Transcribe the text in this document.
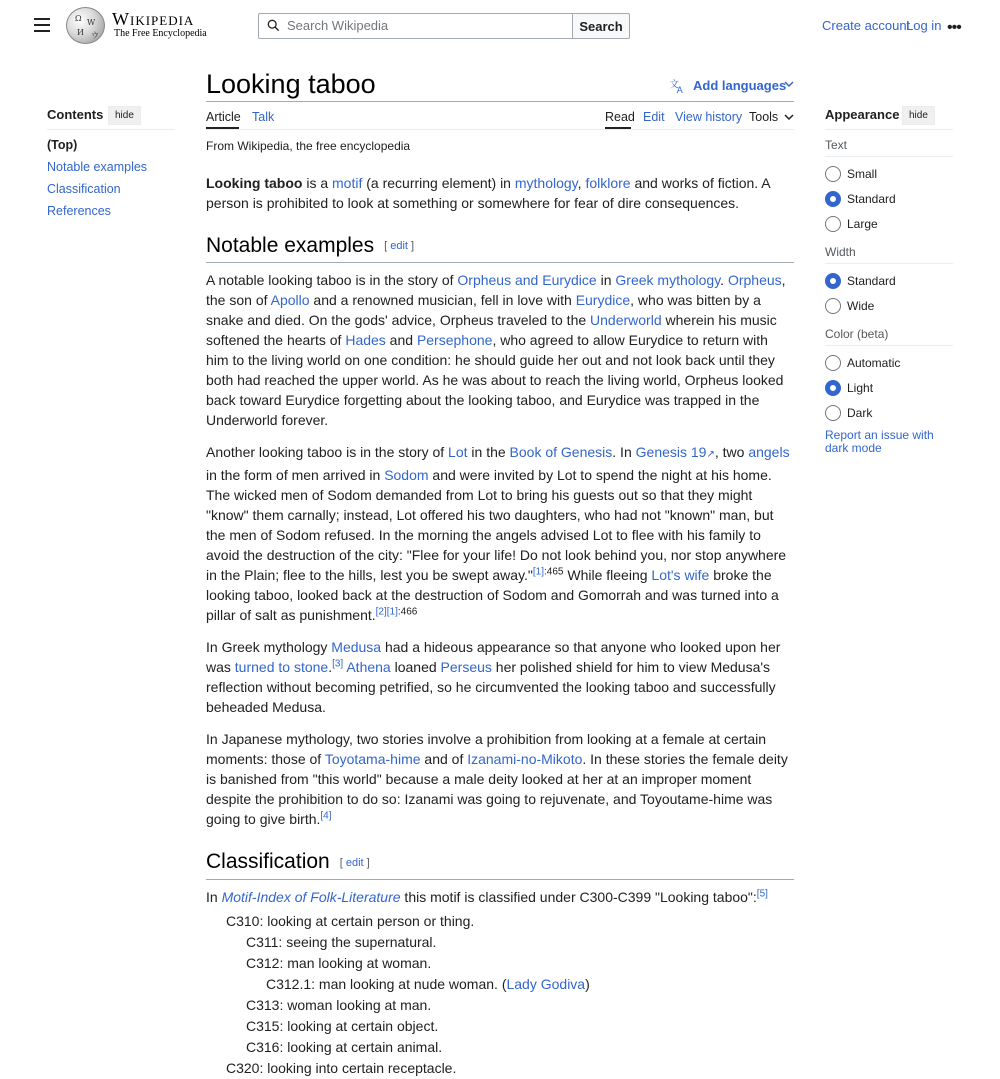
Ω W
И ウ
Wikipedia
The Free Encyclopedia
Search Wikipedia	Search	Create account
Log in •••
Contents	hide
(Top)
Notable examples
Classification
References
Looking taboo	文
A Add languages
Article Talk	Read Edit View history Tools	Appearance hide
Text
Small
Standard
Large
Width
Standard
Wide
Color (beta)
Automatic
Light
Dark
Report an issue with dark mode
From Wikipedia, the free encyclopedia

Looking taboo is a motif (a recurring element) in mythology, folklore and works of fiction. A person is prohibited to look at something or somewhere for fear of dire consequences.

Notable examples [ edit ]

A notable looking taboo is in the story of Orpheus and Eurydice in Greek mythology. Orpheus, the son of Apollo and a renowned musician, fell in love with Eurydice, who was bitten by a snake and died. On the gods' advice, Orpheus traveled to the Underworld wherein his music softened the hearts of Hades and Persephone, who agreed to allow Eurydice to return with him to the living world on one condition: he should guide her out and not look back until they both had reached the upper world. As he was about to reach the living world, Orpheus looked back toward Eurydice forgetting about the looking taboo, and Eurydice was trapped in the Underworld forever.

Another looking taboo is in the story of Lot in the Book of Genesis. In Genesis 19↗, two angels in the form of men arrived in Sodom and were invited by Lot to spend the night at his home. The wicked men of Sodom demanded from Lot to bring his guests out so that they might "know" them carnally; instead, Lot offered his two daughters, who had not "known" man, but the men of Sodom refused. In the morning the angels advised Lot to flee with his family to avoid the destruction of the city: "Flee for your life! Do not look behind you, nor stop anywhere in the Plain; flee to the hills, lest you be swept away."$^{[1]:465}$ While fleeing Lot's wife broke the looking taboo, looked back at the destruction of Sodom and Gomorrah and was turned into a pillar of salt as punishment.$^{[2][1]:466}$

In Greek mythology Medusa had a hideous appearance so that anyone who looked upon her was turned to stone.[3] Athena loaned Perseus her polished shield for him to view Medusa's reflection without becoming petrified, so he circumvented the looking taboo and successfully beheaded Medusa.

In Japanese mythology, two stories involve a prohibition from looking at a female at certain moments: those of Toyotama-hime and of Izanami-no-Mikoto. In these stories the female deity is banished from "this world" because a male deity looked at her at an improper moment despite the prohibition to do so: Izanami was going to rejuvenate, and Toyoutame-hime was going to give birth.[4]

Classification [ edit ]

In Motif-Index of Folk-Literature this motif is classified under C300-C399 "Looking taboo":[5]

C310: looking at certain person or thing.
C311: seeing the supernatural.
C312: man looking at woman.
C312.1: man looking at nude woman. (Lady Godiva)
C313: woman looking at man.
C315: looking at certain object.
C316: looking at certain animal.
C320: looking into certain receptacle.
